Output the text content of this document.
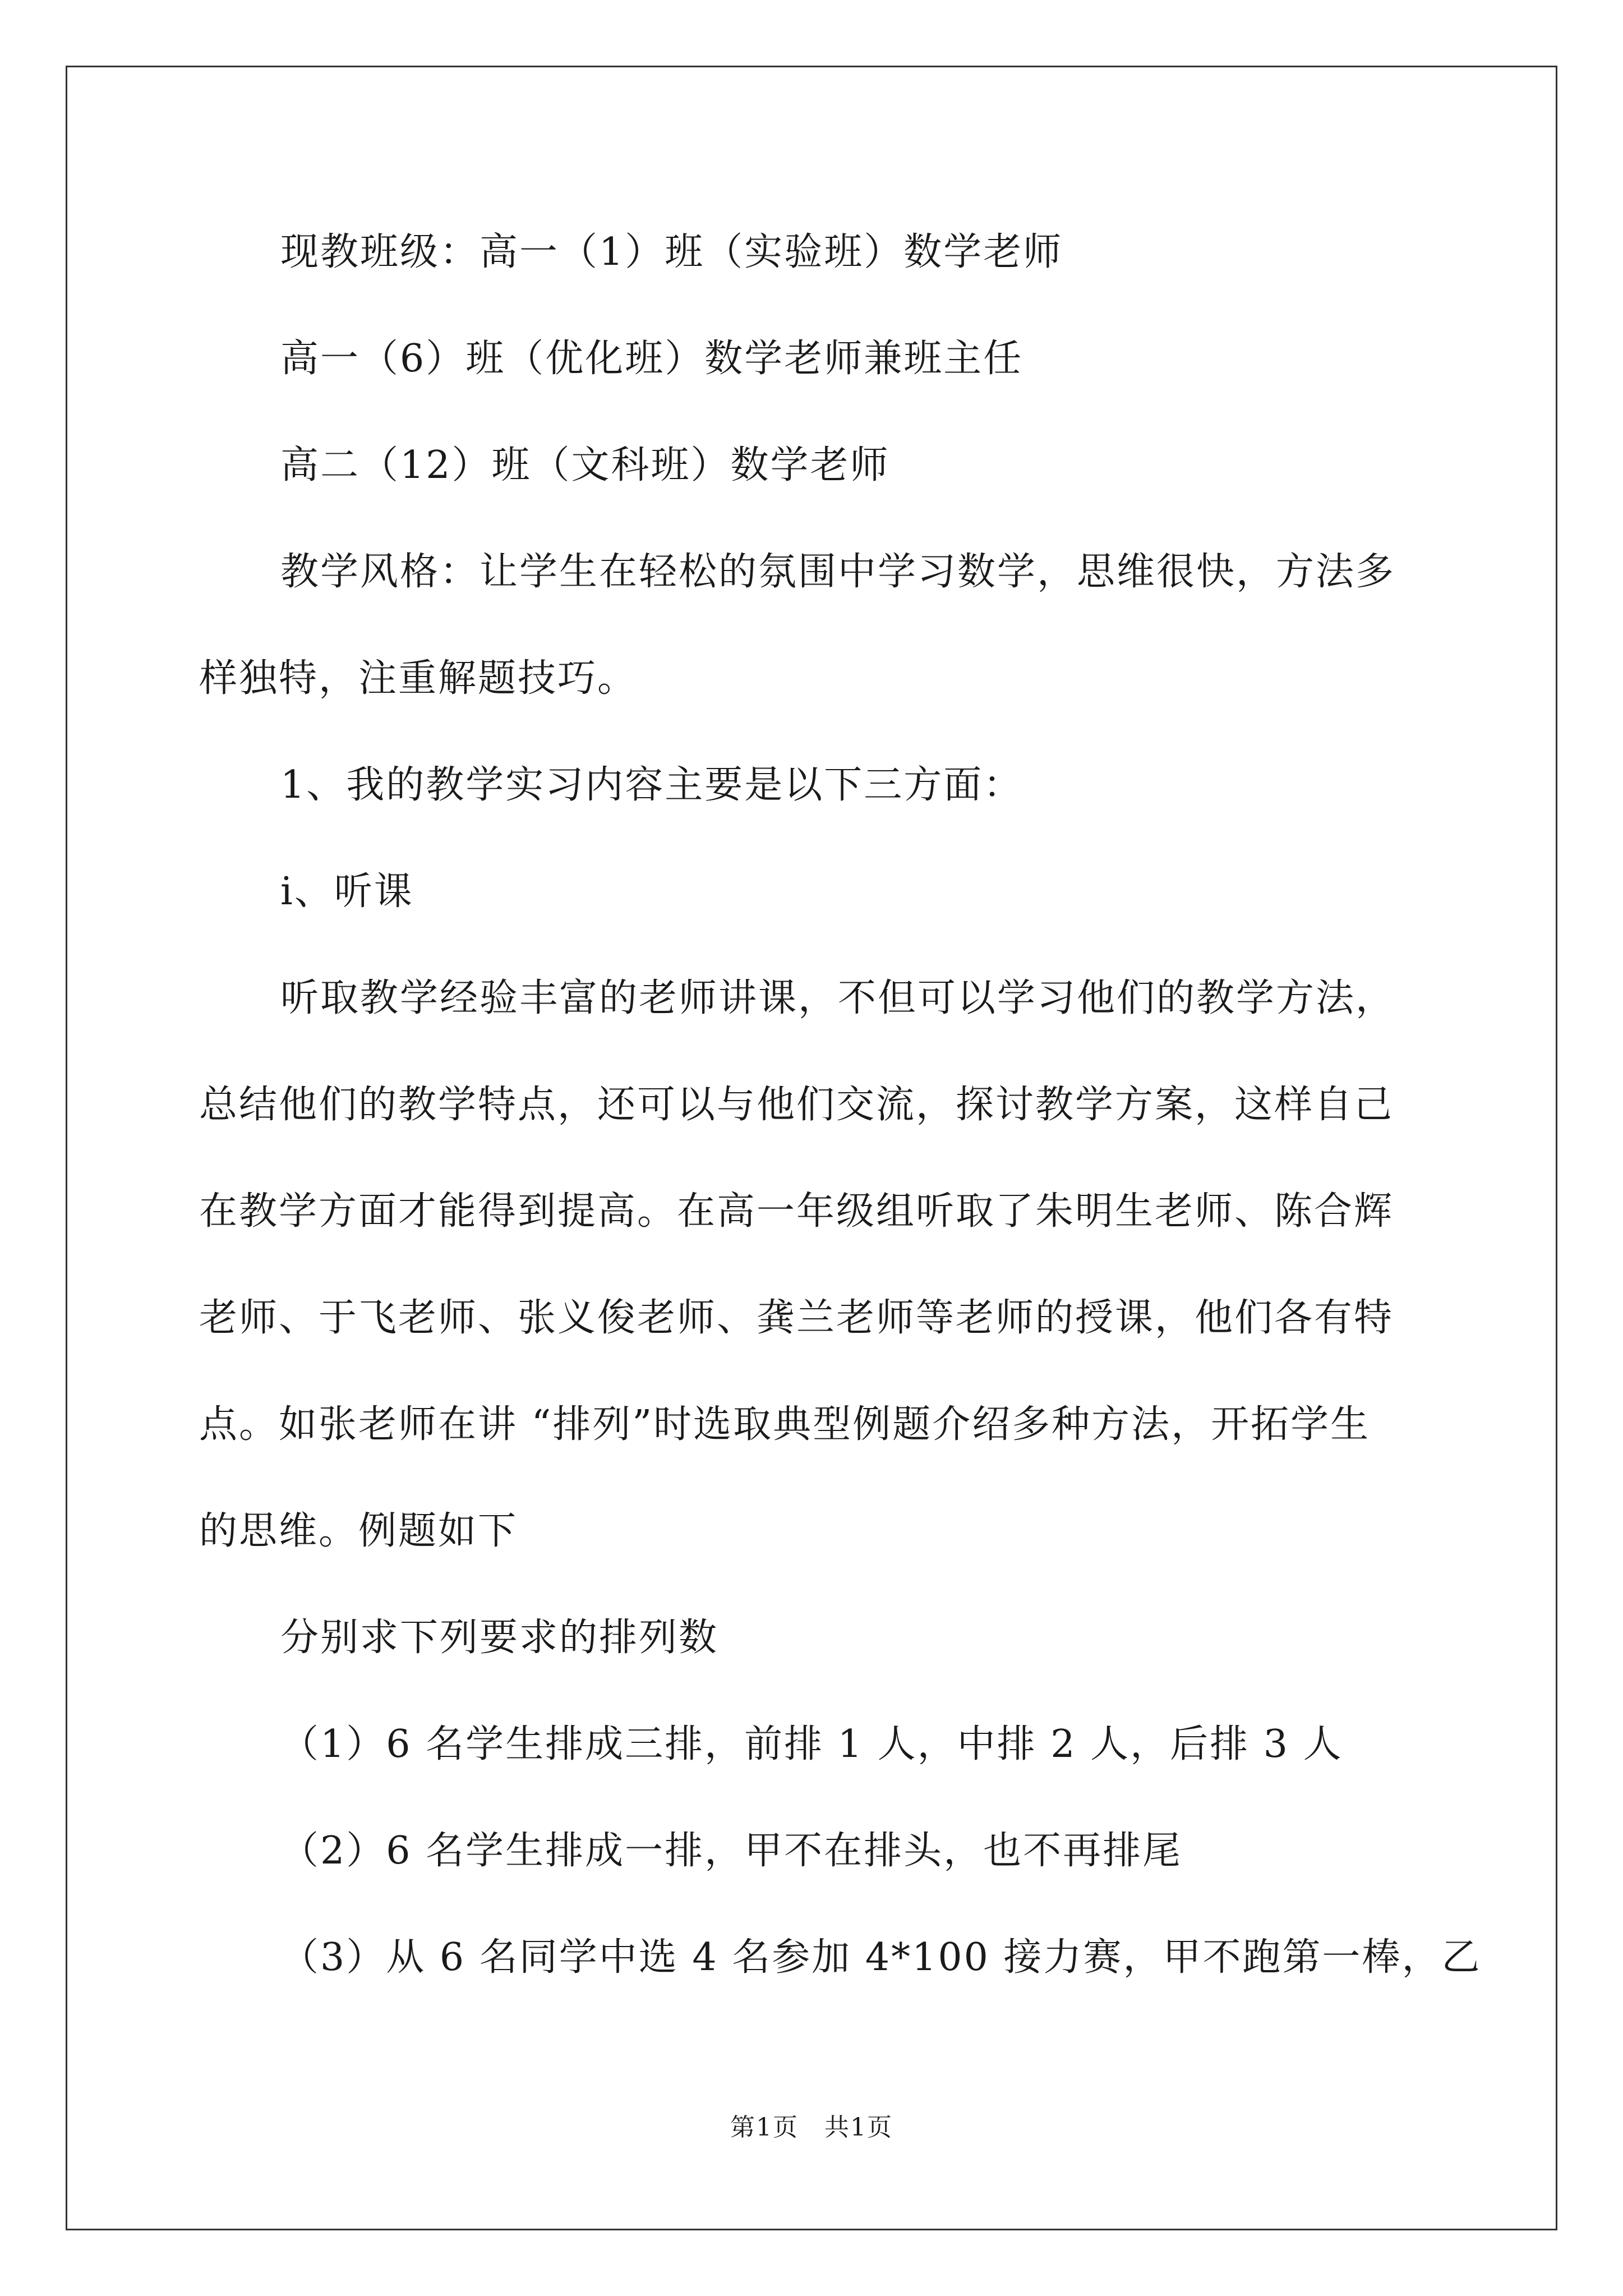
现教班级：高一（1）班（实验班）数学老师
高一（6）班（优化班）数学老师兼班主任
高二（12）班（文科班）数学老师
教学风格：让学生在轻松的氛围中学习数学，思维很快，方法多
样独特，注重解题技巧。
1、我的教学实习内容主要是以下三方面：
ⅰ、听课
听取教学经验丰富的老师讲课，不但可以学习他们的教学方法，
总结他们的教学特点，还可以与他们交流，探讨教学方案，这样自己
在教学方面才能得到提高。在高一年级组听取了朱明生老师、陈合辉
老师、于飞老师、张义俊老师、龚兰老师等老师的授课，他们各有特
点。如张老师在讲 “排列”时选取典型例题介绍多种方法，开拓学生
的思维。例题如下
分别求下列要求的排列数
（1）6 名学生排成三排，前排 1 人，中排 2 人，后排 3 人
（2）6 名学生排成一排，甲不在排头，也不再排尾
（3）从 6 名同学中选 4 名参加 4*100 接力赛，甲不跑第一棒，乙
第1页　共1页
